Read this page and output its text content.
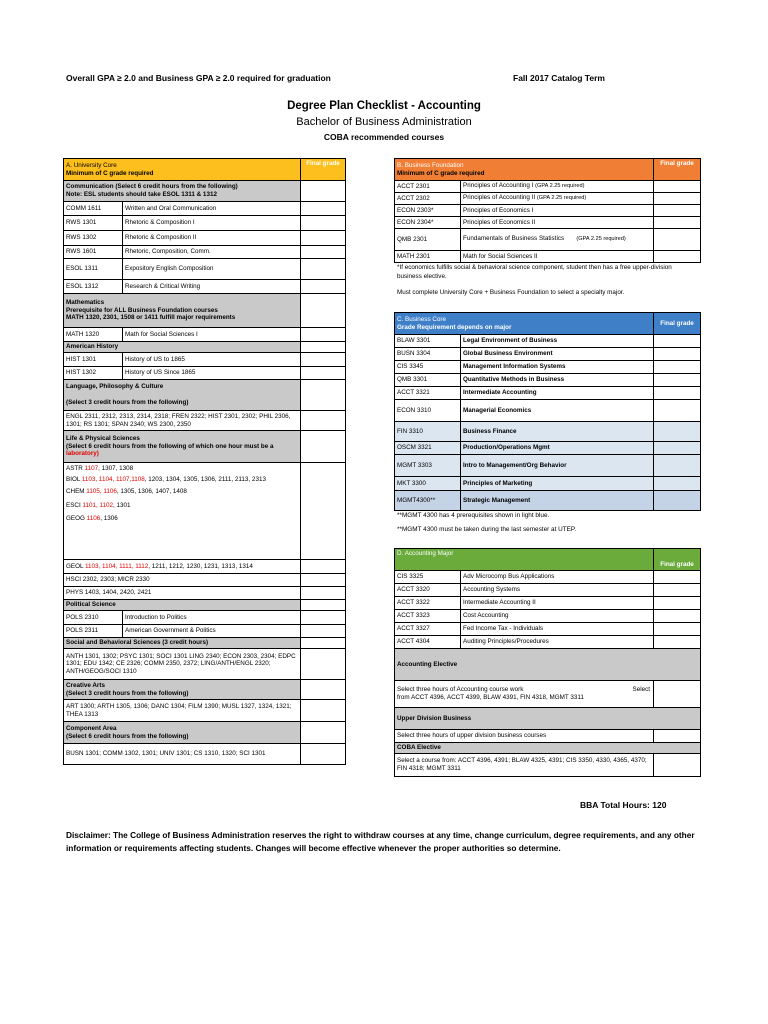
Overall GPA ≥ 2.0 and Business GPA ≥ 2.0 required for graduation	Fall 2017 Catalog Term
Degree Plan Checklist - Accounting
Bachelor of Business Administration
COBA recommended courses
A. University Core
Minimum of C grade required		Final grade

Communication (Select 6 credit hours from the following)
Note: ESL students should take ESOL 1311 & 1312		

COMM 1611	Written and Oral Communication	
RWS 1301	Rhetoric & Composition I	
RWS 1302	Rhetoric & Composition II	
RWS 1601	Rhetoric, Composition, Comm.	
ESOL 1311	Expository English Composition	
ESOL 1312	Research & Critical Writing	

Mathematics
Prerequisite for ALL Business Foundation courses
MATH 1320, 2301, 1508 or 1411 fulfill major requirements		

MATH 1320	Math for Social Sciences I	
American History		
HIST 1301	History of US to 1865	
HIST 1302	History of US Since 1865	

Language, Philosophy & Culture
(Select 3 credit hours from the following)		

ENGL 2311, 2312, 2313, 2314, 2318; FREN 2322; HIST 2301, 2302; PHIL 2306, 1301; RS 1301; SPAN 2340; WS 2300, 2350		

Life & Physical Sciences
(Select 6 credit hours from the following of which one hour must be a
laboratory)		

ASTR 1107, 1307, 1308
BIOL 1103, 1104, 1107,1108, 1203, 1304, 1305, 1306, 2111, 2113, 2313
CHEM 1105, 1106, 1305, 1306, 1407, 1408
ESCI 1101, 1102, 1301
GEOG 1106, 1306		

GEOL 1103, 1104, 1111, 1112, 1211, 1212, 1230, 1231, 1313, 1314		
HSCI 2302, 2303; MICR 2330		
PHYS 1403, 1404, 2420, 2421		
Political Science		
POLS 2310	Introduction to Politics	
POLS 2311	American Government & Politics	
Social and Behavioral Sciences (3 credit hours)		
ANTH 1301, 1302; PSYC 1301; SOCI 1301 LING 2340; ECON 2303, 2304; EDPC 1301; EDU 1342; CE 2326; COMM 2350, 2372; LING/ANTH/ENGL 2320; ANTH/GEOG/SOCI 1310		

Creative Arts
(Select 3 credit hours from the following)		

ART 1300; ARTH 1305, 1306; DANC 1304; FILM 1390; MUSL 1327, 1324, 1321; THEA 1313		

Component Area
(Select 6 credit hours from the following)		

BUSN 1301; COMM 1302, 1301; UNIV 1301; CS 1310, 1320; SCI 1301		
B. Business Foundation
Minimum of C grade required		Final grade
ACCT 2301	Principles of Accounting I (GPA 2.25 required)	
ACCT 2302	Principles of Accounting II (GPA 2.25 required)	
ECON 2303*	Principles of Economics I	
ECON 2304*	Principles of Economics II	
QMB 2301	Fundamentals of Business Statistics (GPA 2.25 required)	
MATH 2301	Math for Social Sciences II	
*If economics fulfills social & behavioral science component, student then has a free upper-division business elective.
Must complete University Core + Business Foundation to select a specialty major.
C. Business Core
Grade Requirement depends on major		Final grade
BLAW 3301	Legal Environment of Business	
BUSN 3304	Global Business Environment	
CIS 3345	Management Information Systems	
QMB 3301	Quantitative Methods in Business	
ACCT 3321	Intermediate Accounting	
ECON 3310	Managerial Economics	
FIN 3310	Business Finance	
OSCM 3321	Production/Operations Mgmt	
MGMT 3303	Intro to Management/Org Behavior	
MKT 3300	Principles of Marketing	
MGMT4300**	Strategic Management	
**MGMT 4300 has 4 prerequisites shown in light blue.
**MGMT 4300 must be taken during the last semester at UTEP.
D. Accounting Major		Final grade
CIS 3325	Adv Microcomp Bus Applications	
ACCT 3320	Accounting Systems	
ACCT 3322	Intermediate Accounting II	
ACCT 3323	Cost Accounting	
ACCT 3327	Fed Income Tax - Individuals	
ACCT 4304	Auditing Principles/Procedures	
Accounting Elective		

Select three hours of Accounting course work Select
from ACCT 4396, ACCT 4399, BLAW 4391, FIN 4318, MGMT 3311		

Upper Division Business		
Select three hours of upper division business courses		
COBA Elective		
Select a course from: ACCT 4396, 4391; BLAW 4325, 4391; CIS 3350, 4330, 4365, 4370; FIN 4318; MGMT 3311		
BBA Total Hours: 120
Disclaimer: The College of Business Administration reserves the right to withdraw courses at any time, change curriculum, degree requirements, and any other information or requirements affecting students. Changes will become effective whenever the proper authorities so determine.
